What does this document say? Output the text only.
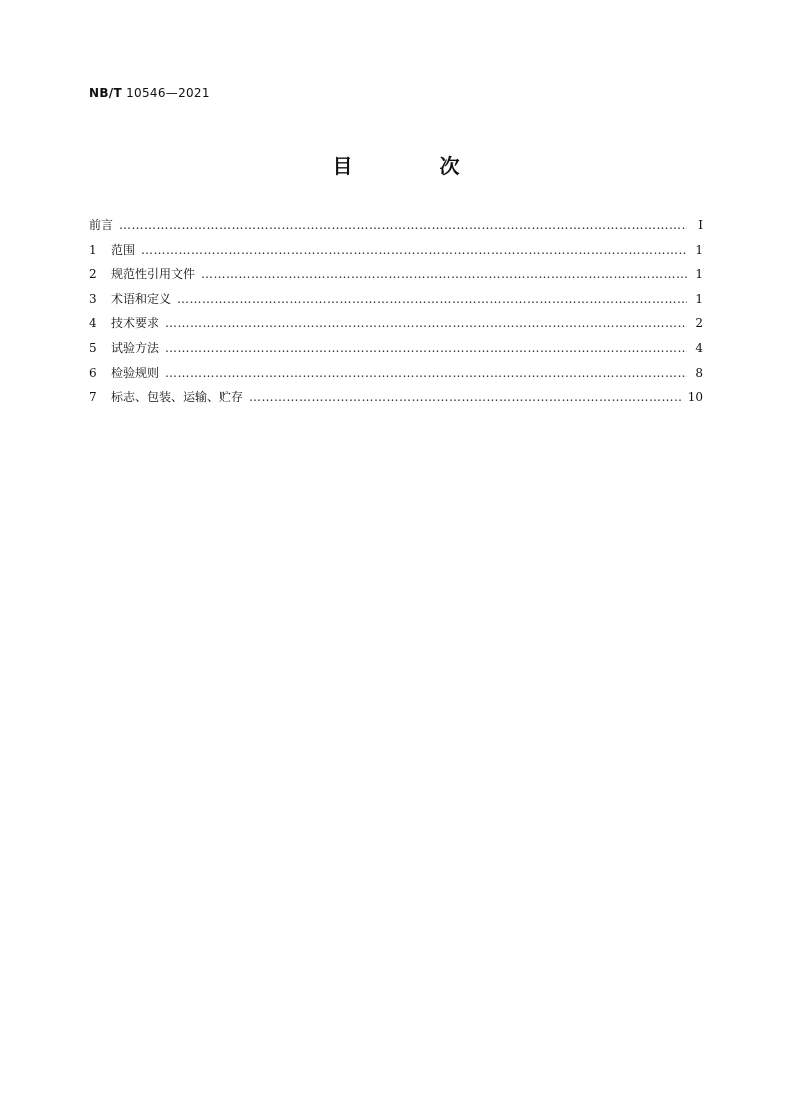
NB/T 10546—2021
目 次
前言 ……………………………………………………………………………………………………………………………………………………………………………………	Ⅰ
1	范围 ……………………………………………………………………………………………………………………………………………………………………………………	1
2	规范性引用文件 ……………………………………………………………………………………………………………………………………………………………………………………	1
3	术语和定义 ……………………………………………………………………………………………………………………………………………………………………………………	1
4	技术要求 ……………………………………………………………………………………………………………………………………………………………………………………	2
5	试验方法 ……………………………………………………………………………………………………………………………………………………………………………………	4
6	检验规则 ……………………………………………………………………………………………………………………………………………………………………………………	8
7	标志、包装、运输、贮存 ……………………………………………………………………………………………………………………………………………………………………………………	10
